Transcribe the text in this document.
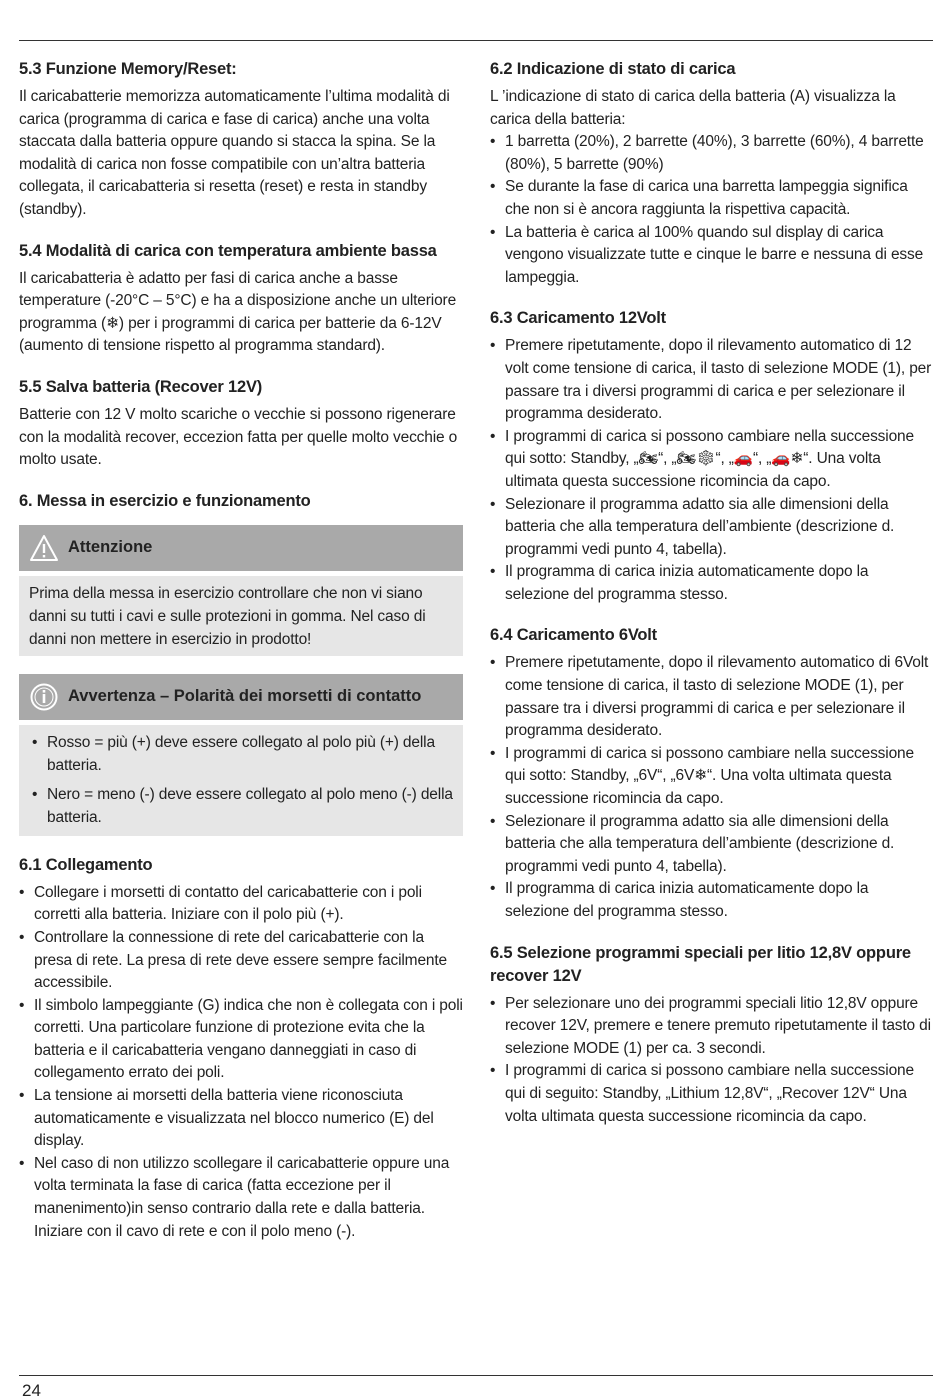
5.3 Funzione Memory/Reset:

Il caricabatterie memorizza automaticamente l’ultima modalità di carica (programma di carica e fase di carica) anche una volta staccata dalla batteria oppure quando si stacca la spina. Se la modalità di carica non fosse compatibile con un’altra batteria collegata, il caricabatteria si resetta (reset) e resta in standby (standby).

5.4 Modalità di carica con temperatura ambiente bassa

Il caricabatteria è adatto per fasi di carica anche a basse temperature (-20°C – 5°C) e ha a disposizione anche un ulteriore programma (❄) per i programmi di carica per batterie da 6-12V (aumento di tensione rispetto al programma standard).

5.5 Salva batteria (Recover 12V)

Batterie con 12 V molto scariche o vecchie si possono rigenerare con la modalità recover, eccezion fatta per quelle molto vecchie o molto usate.

6. Messa in esercizio e funzionamento
Attenzione

Prima della messa in esercizio controllare che non vi siano danni su tutti i cavi e sulle protezioni in gomma. Nel caso di danni non mettere in esercizio in prodotto!

Avvertenza – Polarità dei morsetti di contatto
• Rosso = più (+) deve essere collegato al polo più (+) della batteria.
• Nero = meno (-) deve essere collegato al polo meno (-) della batteria.
6.1 Collegamento
• Collegare i morsetti di contatto del caricabatterie con i poli corretti alla batteria. Iniziare con il polo più (+).
• Controllare la connessione di rete del caricabatterie con la presa di rete. La presa di rete deve essere sempre facilmente accessibile.
• Il simbolo lampeggiante (G) indica che non è collegata con i poli corretti. Una particolare funzione di protezione evita che la batteria e il caricabatteria vengano danneggiati in caso di collegamento errato dei poli.
• La tensione ai morsetti della batteria viene riconosciuta automaticamente e visualizzata nel blocco numerico (E) del display.
• Nel caso di non utilizzo scollegare il caricabatterie oppure una volta terminata la fase di carica (fatta eccezione per il manenimento)in senso contrario dalla rete e dalla batteria. Iniziare con il cavo di rete e con il polo meno (-).
6.2 Indicazione di stato di carica

L ’indicazione di stato di carica della batteria (A) visualizza la carica della batteria:

• 1 barretta (20%), 2 barrette (40%), 3 barrette (60%), 4 barrette (80%), 5 barrette (90%)
• Se durante la fase di carica una barretta lampeggia significa che non si è ancora raggiunta la rispettiva capacità.
• La batteria è carica al 100% quando sul display di carica vengono visualizzate tutte e cinque le barre e nessuna di esse lampeggia.
6.3 Caricamento 12Volt
• Premere ripetutamente, dopo il rilevamento automatico di 12 volt come tensione di carica, il tasto di selezione MODE (1), per passare tra i diversi programmi di carica e per selezionare il programma desiderato.
• I programmi di carica si possono cambiare nella successione qui sotto: Standby, „🏍“, „🏍❄“, „🚗“, „🚗❄“. Una volta ultimata questa successione ricomincia da capo.
• Selezionare il programma adatto sia alle dimensioni della batteria che alla temperatura dell’ambiente (descrizione d. programmi vedi punto 4, tabella).
• Il programma di carica inizia automaticamente dopo la selezione del programma stesso.
6.4 Caricamento 6Volt
• Premere ripetutamente, dopo il rilevamento automatico di 6Volt come tensione di carica, il tasto di selezione MODE (1), per passare tra i diversi programmi di carica e per selezionare il programma desiderato.
• I programmi di carica si possono cambiare nella successione qui sotto: Standby, „6V“, „6V❄“. Una volta ultimata questa successione ricomincia da capo.
• Selezionare il programma adatto sia alle dimensioni della batteria che alla temperatura dell’ambiente (descrizione d. programmi vedi punto 4, tabella).
• Il programma di carica inizia automaticamente dopo la selezione del programma stesso.
6.5 Selezione programmi speciali per litio 12,8V oppure recover 12V
• Per selezionare uno dei programmi speciali litio 12,8V oppure recover 12V, premere e tenere premuto ripetutamente il tasto di selezione MODE (1) per ca. 3 secondi.
• I programmi di carica si possono cambiare nella successione qui di seguito: Standby, „Lithium 12,8V“, „Recover 12V“ Una volta ultimata questa successione ricomincia da capo.
24
